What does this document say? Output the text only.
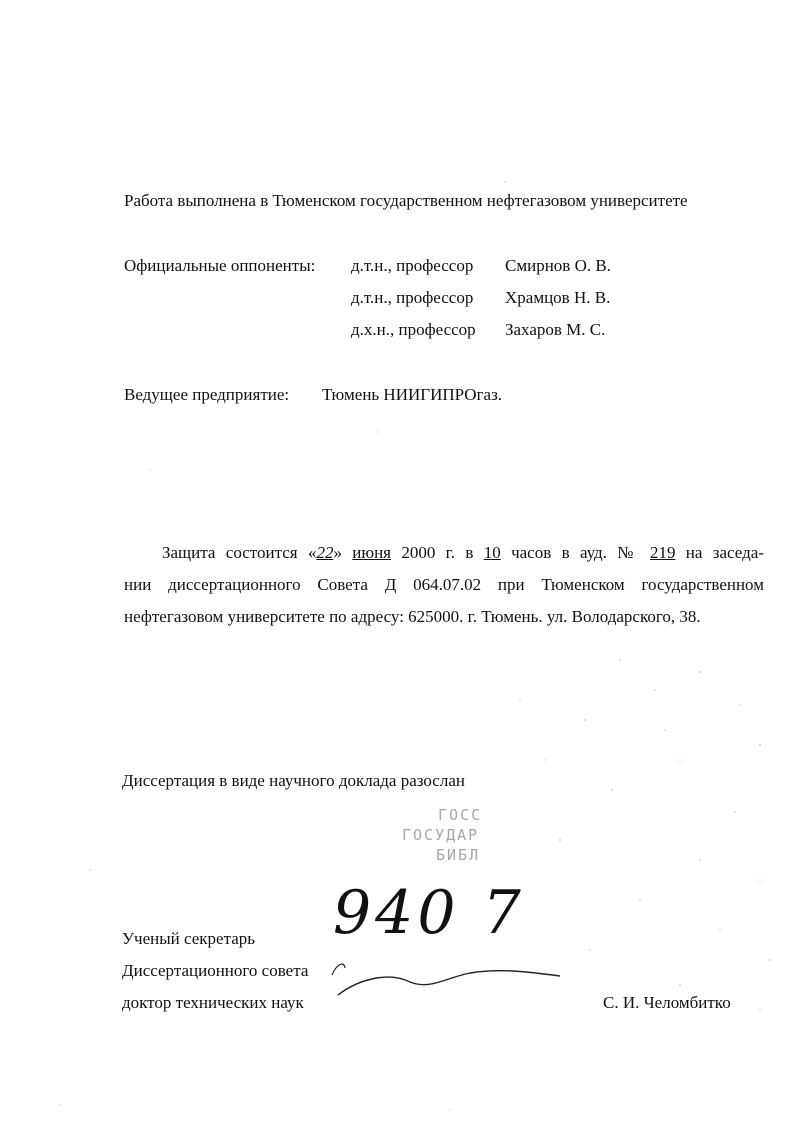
Работа выполнена в Тюменском государственном нефтегазовом университете
Официальные оппоненты: д.т.н., профессор Смирнов О. В.
д.т.н., профессор Храмцов Н. В.
д.х.н., профессор Захаров М. С.
Ведущее предприятие: Тюмень НИИГИПРОгаз.
Защита состоится «22» июня 2000 г. в 10 часов в ауд. № 219 на заседа-
нии диссертационного Совета Д 064.07.02 при Тюменском государственном
нефтегазовом университете по адресу: 625000. г. Тюмень. ул. Володарского, 38.
Диссертация в виде научного доклада разослан
ГОСС
ГОСУДАР
БИБЛ
940 7
Ученый секретарь
Диссертационного совета
доктор технических наук	С. И. Челомбитко
